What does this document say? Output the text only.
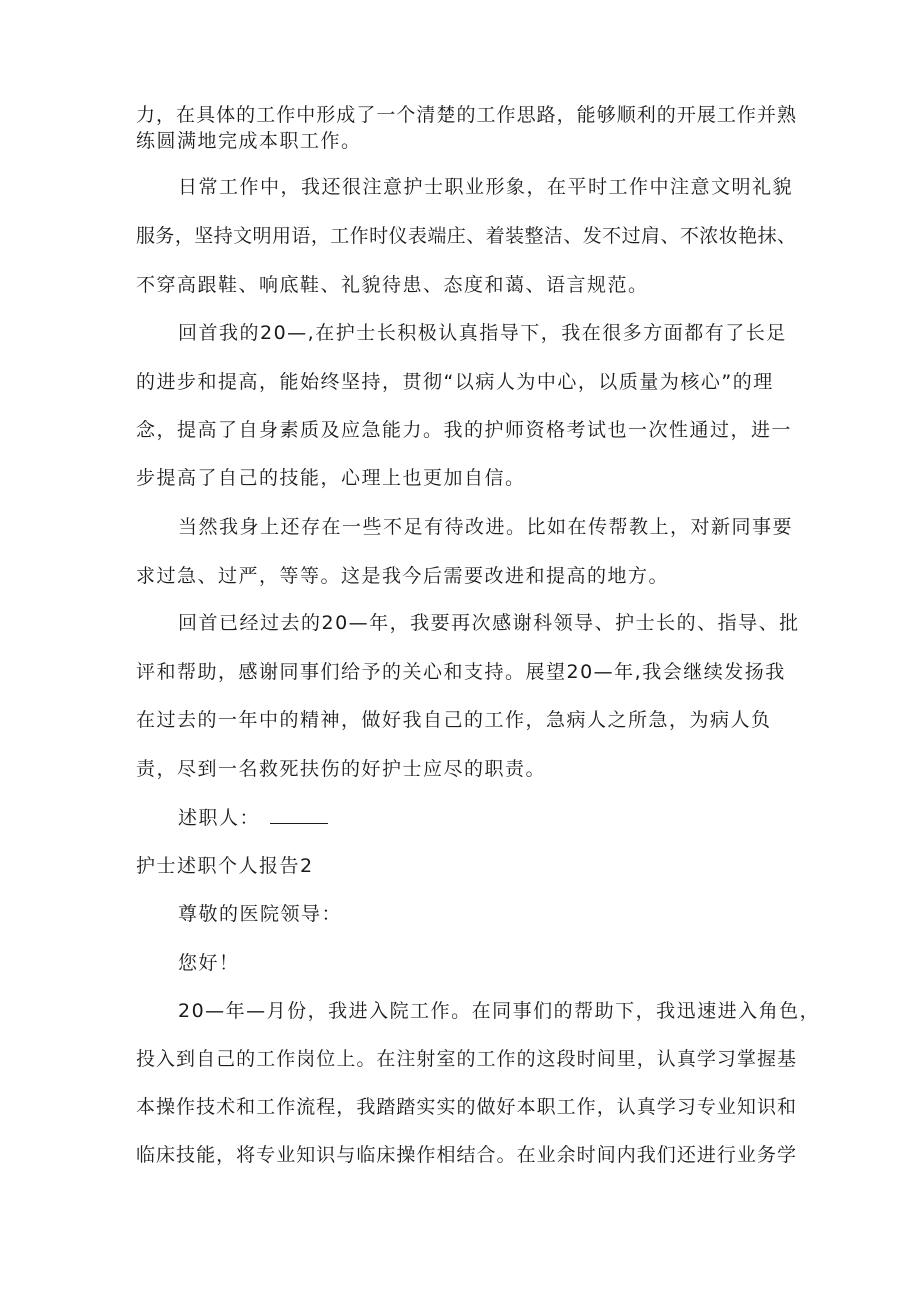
力，在具体的工作中形成了一个清楚的工作思路，能够顺利的开展工作并熟
练圆满地完成本职工作。
日常工作中，我还很注意护士职业形象，在平时工作中注意文明礼貌
服务，坚持文明用语，工作时仪表端庄、着装整洁、发不过肩、不浓妆艳抹、
不穿高跟鞋、响底鞋、礼貌待患、态度和蔼、语言规范。
回首我的20—,在护士长积极认真指导下，我在很多方面都有了长足
的进步和提高，能始终坚持，贯彻“以病人为中心，以质量为核心”的理
念，提高了自身素质及应急能力。我的护师资格考试也一次性通过，进一
步提高了自己的技能，心理上也更加自信。
当然我身上还存在一些不足有待改进。比如在传帮教上，对新同事要
求过急、过严，等等。这是我今后需要改进和提高的地方。
回首已经过去的20—年，我要再次感谢科领导、护士长的、指导、批
评和帮助，感谢同事们给予的关心和支持。展望20—年,我会继续发扬我
在过去的一年中的精神，做好我自己的工作，急病人之所急，为病人负
责，尽到一名救死扶伤的好护士应尽的职责。
述职人：
护士述职个人报告2
尊敬的医院领导：
您好！
20—年—月份，我进入院工作。在同事们的帮助下，我迅速进入角色，
投入到自己的工作岗位上。在注射室的工作的这段时间里，认真学习掌握基
本操作技术和工作流程，我踏踏实实的做好本职工作，认真学习专业知识和
临床技能，将专业知识与临床操作相结合。在业余时间内我们还进行业务学
